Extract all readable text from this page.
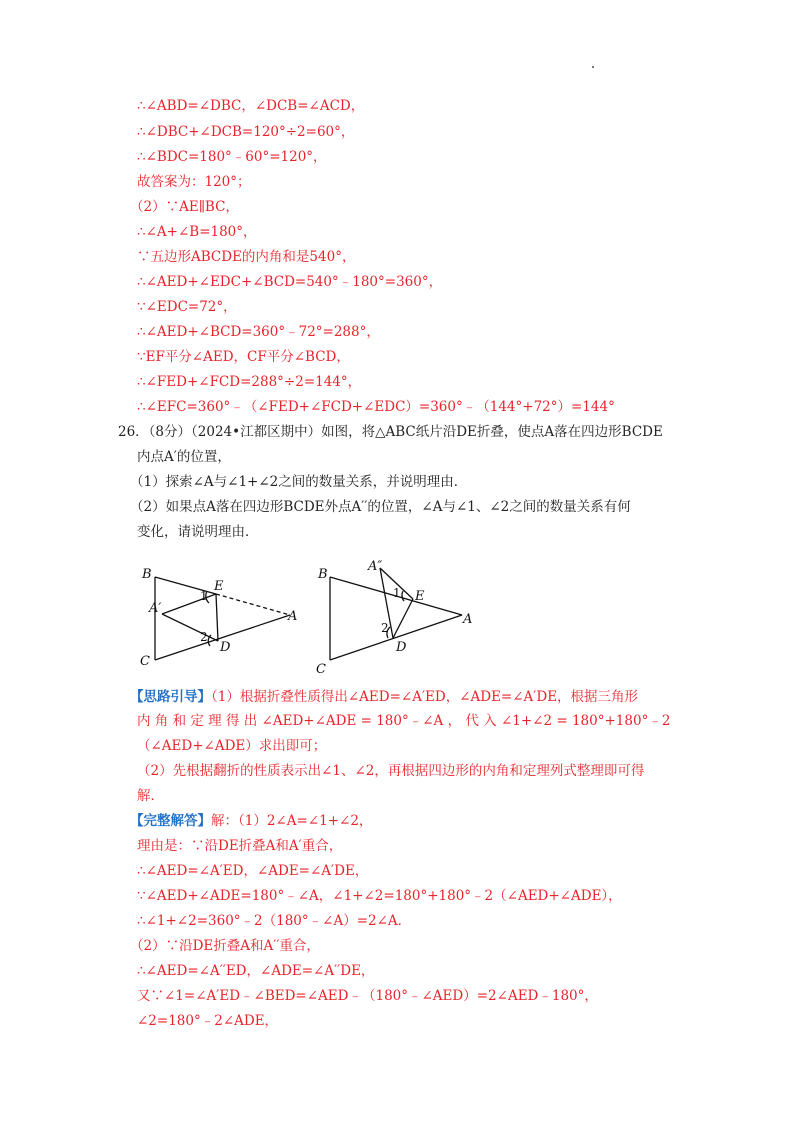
∴∠ABD=∠DBC，∠DCB=∠ACD，
∴∠DBC+∠DCB=120°÷2=60°，
∴∠BDC=180°﹣60°=120°，
故答案为：120°；
（2）∵AE∥BC，
∴∠A+∠B=180°，
∵五边形ABCDE的内角和是540°，
∴∠AED+∠EDC+∠BCD=540°﹣180°=360°，
∵∠EDC=72°，
∴∠AED+∠BCD=360°﹣72°=288°，
∵EF平分∠AED，CF平分∠BCD，
∴∠FED+∠FCD=288°÷2=144°，
∴∠EFC=360°﹣（∠FED+∠FCD+∠EDC）=360°﹣（144°+72°）=144°
26．（8分）（2024•江都区期中）如图，将△ABC纸片沿DE折叠，使点A落在四边形BCDE
内点A′的位置，
（1）探索∠A与∠1+∠2之间的数量关系，并说明理由．
（2）如果点A落在四边形BCDE外点A′′的位置，∠A与∠1、∠2之间的数量关系有何
变化，请说明理由．
B
E
A
A′
D
C
1
2
A″
B
E
A
D
C
1
2
【思路引导】（1）根据折叠性质得出∠AED=∠A′ED，∠ADE=∠A′DE，根据三角形
内 角 和 定 理 得 出 ∠AED+∠ADE = 180°﹣∠A ， 代 入 ∠1+∠2 = 180°+180°﹣2
（∠AED+∠ADE）求出即可；
（2）先根据翻折的性质表示出∠1、∠2，再根据四边形的内角和定理列式整理即可得
解．
【完整解答】解：（1）2∠A=∠1+∠2，
理由是：∵沿DE折叠A和A′重合，
∴∠AED=∠A′ED，∠ADE=∠A′DE，
∵∠AED+∠ADE=180°﹣∠A，∠1+∠2=180°+180°﹣2（∠AED+∠ADE），
∴∠1+∠2=360°﹣2（180°﹣∠A）=2∠A．
（2）∵沿DE折叠A和A′′重合，
∴∠AED=∠A′′ED，∠ADE=∠A′′DE，
又∵∠1=∠A′ED﹣∠BED=∠AED﹣（180°﹣∠AED）=2∠AED﹣180°，
∠2=180°﹣2∠ADE，
